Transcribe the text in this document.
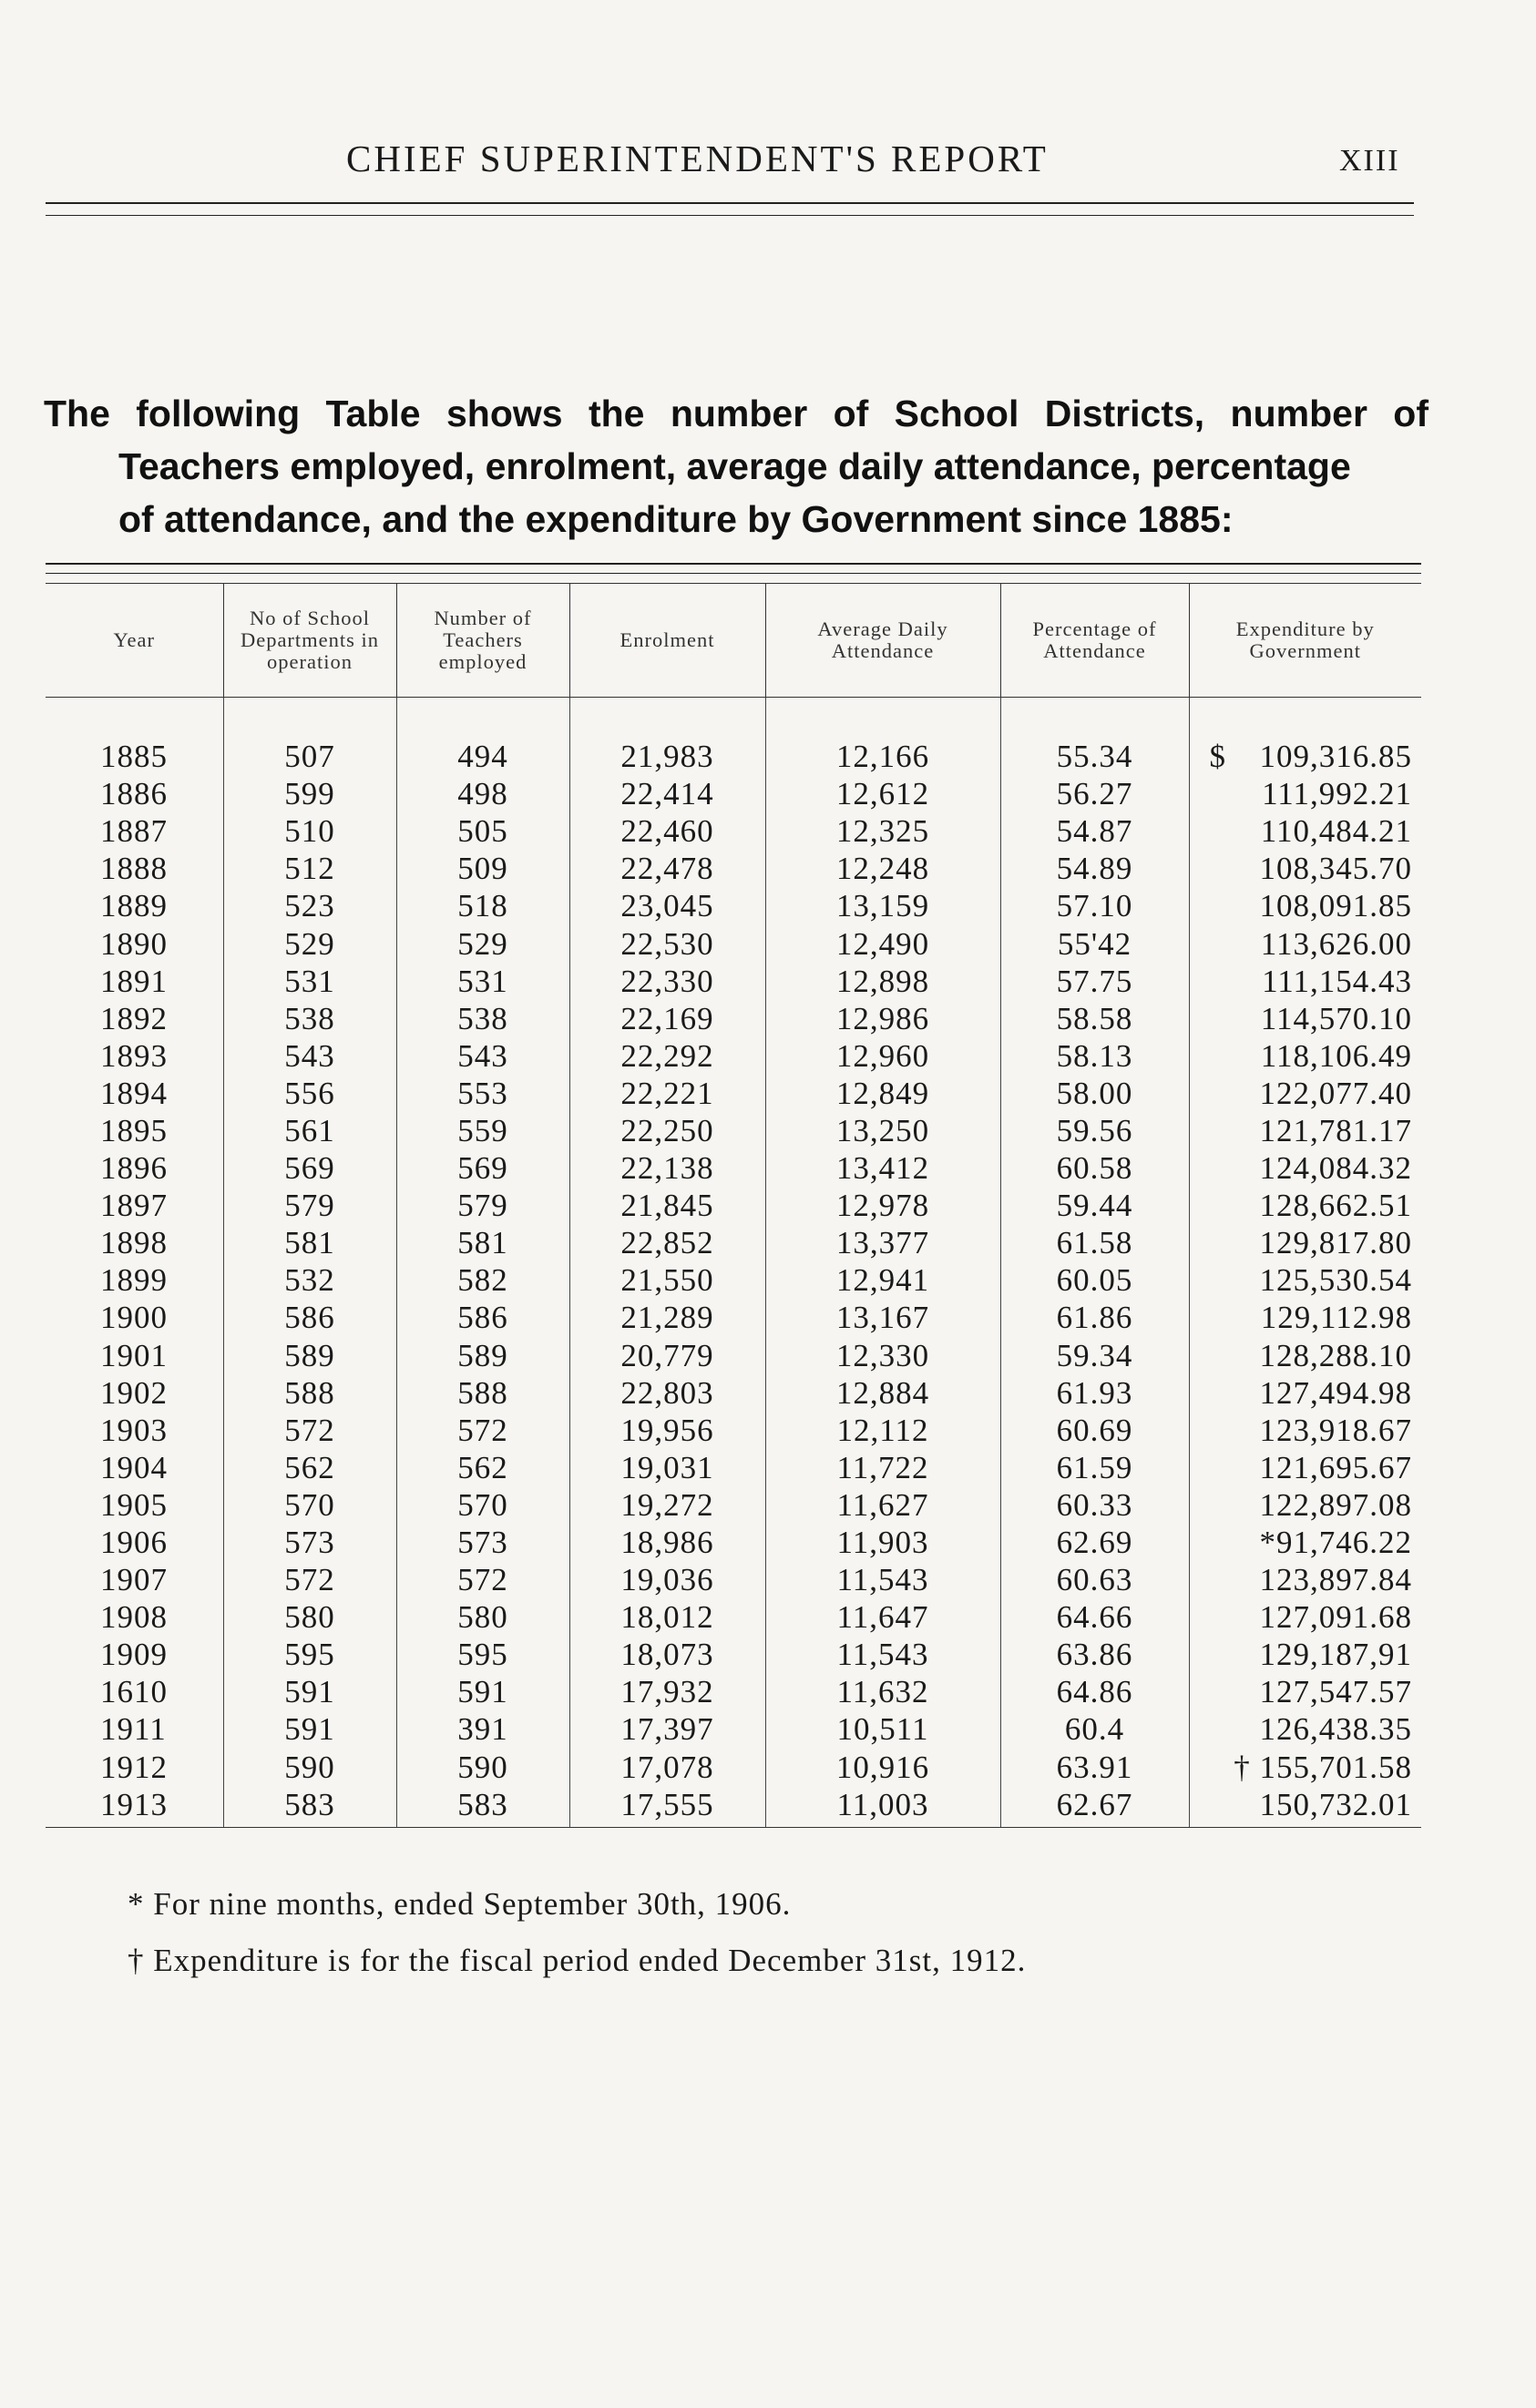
CHIEF SUPERINTENDENT'S REPORT	XIII
The following Table shows the number of School Districts, number of
Teachers employed, enrolment, average daily attendance, percentage
of attendance, and the expenditure by Government since 1885:
Year	No of School Departments in operation	Number of Teachers employed	Enrolment	Average Daily Attendance	Percentage of Attendance	Expenditure by Government

1885	507	494	21,983	12,166	55.34	$ 109,316.85
1886	599	498	22,414	12,612	56.27	111,992.21
1887	510	505	22,460	12,325	54.87	110,484.21
1888	512	509	22,478	12,248	54.89	108,345.70
1889	523	518	23,045	13,159	57.10	108,091.85
1890	529	529	22,530	12,490	55'42	113,626.00
1891	531	531	22,330	12,898	57.75	111,154.43
1892	538	538	22,169	12,986	58.58	114,570.10
1893	543	543	22,292	12,960	58.13	118,106.49
1894	556	553	22,221	12,849	58.00	122,077.40
1895	561	559	22,250	13,250	59.56	121,781.17
1896	569	569	22,138	13,412	60.58	124,084.32
1897	579	579	21,845	12,978	59.44	128,662.51
1898	581	581	22,852	13,377	61.58	129,817.80
1899	532	582	21,550	12,941	60.05	125,530.54
1900	586	586	21,289	13,167	61.86	129,112.98
1901	589	589	20,779	12,330	59.34	128,288.10
1902	588	588	22,803	12,884	61.93	127,494.98
1903	572	572	19,956	12,112	60.69	123,918.67
1904	562	562	19,031	11,722	61.59	121,695.67
1905	570	570	19,272	11,627	60.33	122,897.08
1906	573	573	18,986	11,903	62.69	*91,746.22
1907	572	572	19,036	11,543	60.63	123,897.84
1908	580	580	18,012	11,647	64.66	127,091.68
1909	595	595	18,073	11,543	63.86	129,187,91
1610	591	591	17,932	11,632	64.86	127,547.57
1911	591	391	17,397	10,511	60.4	126,438.35
1912	590	590	17,078	10,916	63.91	† 155,701.58
1913	583	583	17,555	11,003	62.67	150,732.01
* For nine months, ended September 30th, 1906.
† Expenditure is for the fiscal period ended December 31st, 1912.
